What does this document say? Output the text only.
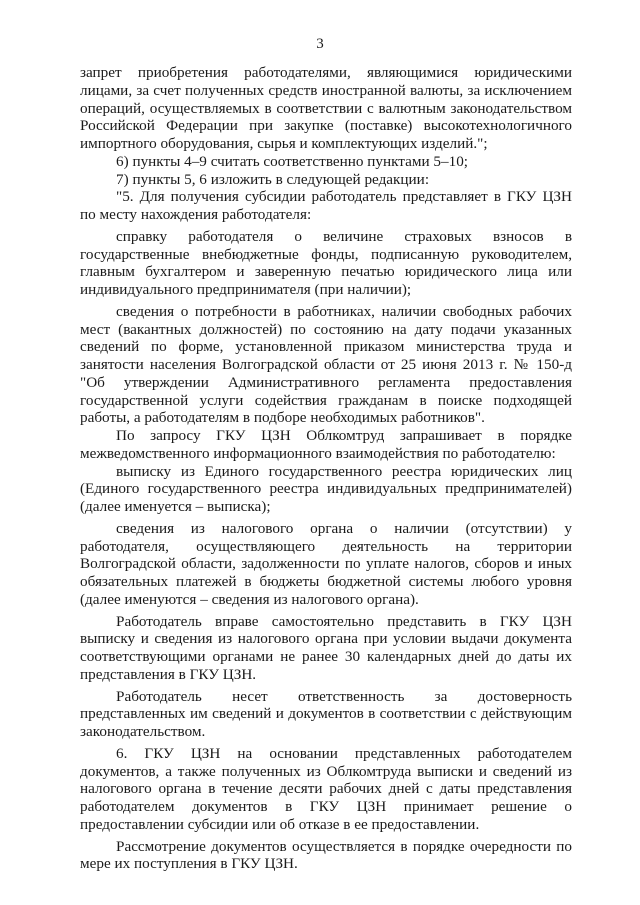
3

запрет приобретения работодателями, являющимися юридическими лицами, за счет полученных средств иностранной валюты, за исключением операций, осуществляемых в соответствии с валютным законодательством Российской Федерации при закупке (поставке) высокотехнологичного импортного оборудования, сырья и комплектующих изделий.";

6) пункты 4–9 считать соответственно пунктами 5–10;

7) пункты 5, 6 изложить в следующей редакции:

"5. Для получения субсидии работодатель представляет в ГКУ ЦЗН по месту нахождения работодателя:

справку работодателя о величине страховых взносов в государственные внебюджетные фонды, подписанную руководителем, главным бухгалтером и заверенную печатью юридического лица или индивидуального предпринимателя (при наличии);

сведения о потребности в работниках, наличии свободных рабочих мест (вакантных должностей) по состоянию на дату подачи указанных сведений по форме, установленной приказом министерства труда и занятости населения Волгоградской области от 25 июня 2013 г. № 150-д "Об утверждении Административного регламента предоставления государственной услуги содействия гражданам в поиске подходящей работы, а работодателям в подборе необходимых работников".

По запросу ГКУ ЦЗН Облкомтруд запрашивает в порядке межведомственного информационного взаимодействия по работодателю:

выписку из Единого государственного реестра юридических лиц (Единого государственного реестра индивидуальных предпринимателей) (далее именуется – выписка);

сведения из налогового органа о наличии (отсутствии) у работодателя, осуществляющего деятельность на территории Волгоградской области, задолженности по уплате налогов, сборов и иных обязательных платежей в бюджеты бюджетной системы любого уровня (далее именуются – сведения из налогового органа).

Работодатель вправе самостоятельно представить в ГКУ ЦЗН выписку и сведения из налогового органа при условии выдачи документа соответствующими органами не ранее 30 календарных дней до даты их представления в ГКУ ЦЗН.

Работодатель несет ответственность за достоверность представленных им сведений и документов в соответствии с действующим законодательством.

6. ГКУ ЦЗН на основании представленных работодателем документов, а также полученных из Облкомтруда выписки и сведений из налогового органа в течение десяти рабочих дней с даты представления работодателем документов в ГКУ ЦЗН принимает решение о предоставлении субсидии или об отказе в ее предоставлении.

Рассмотрение документов осуществляется в порядке очередности по мере их поступления в ГКУ ЦЗН.
